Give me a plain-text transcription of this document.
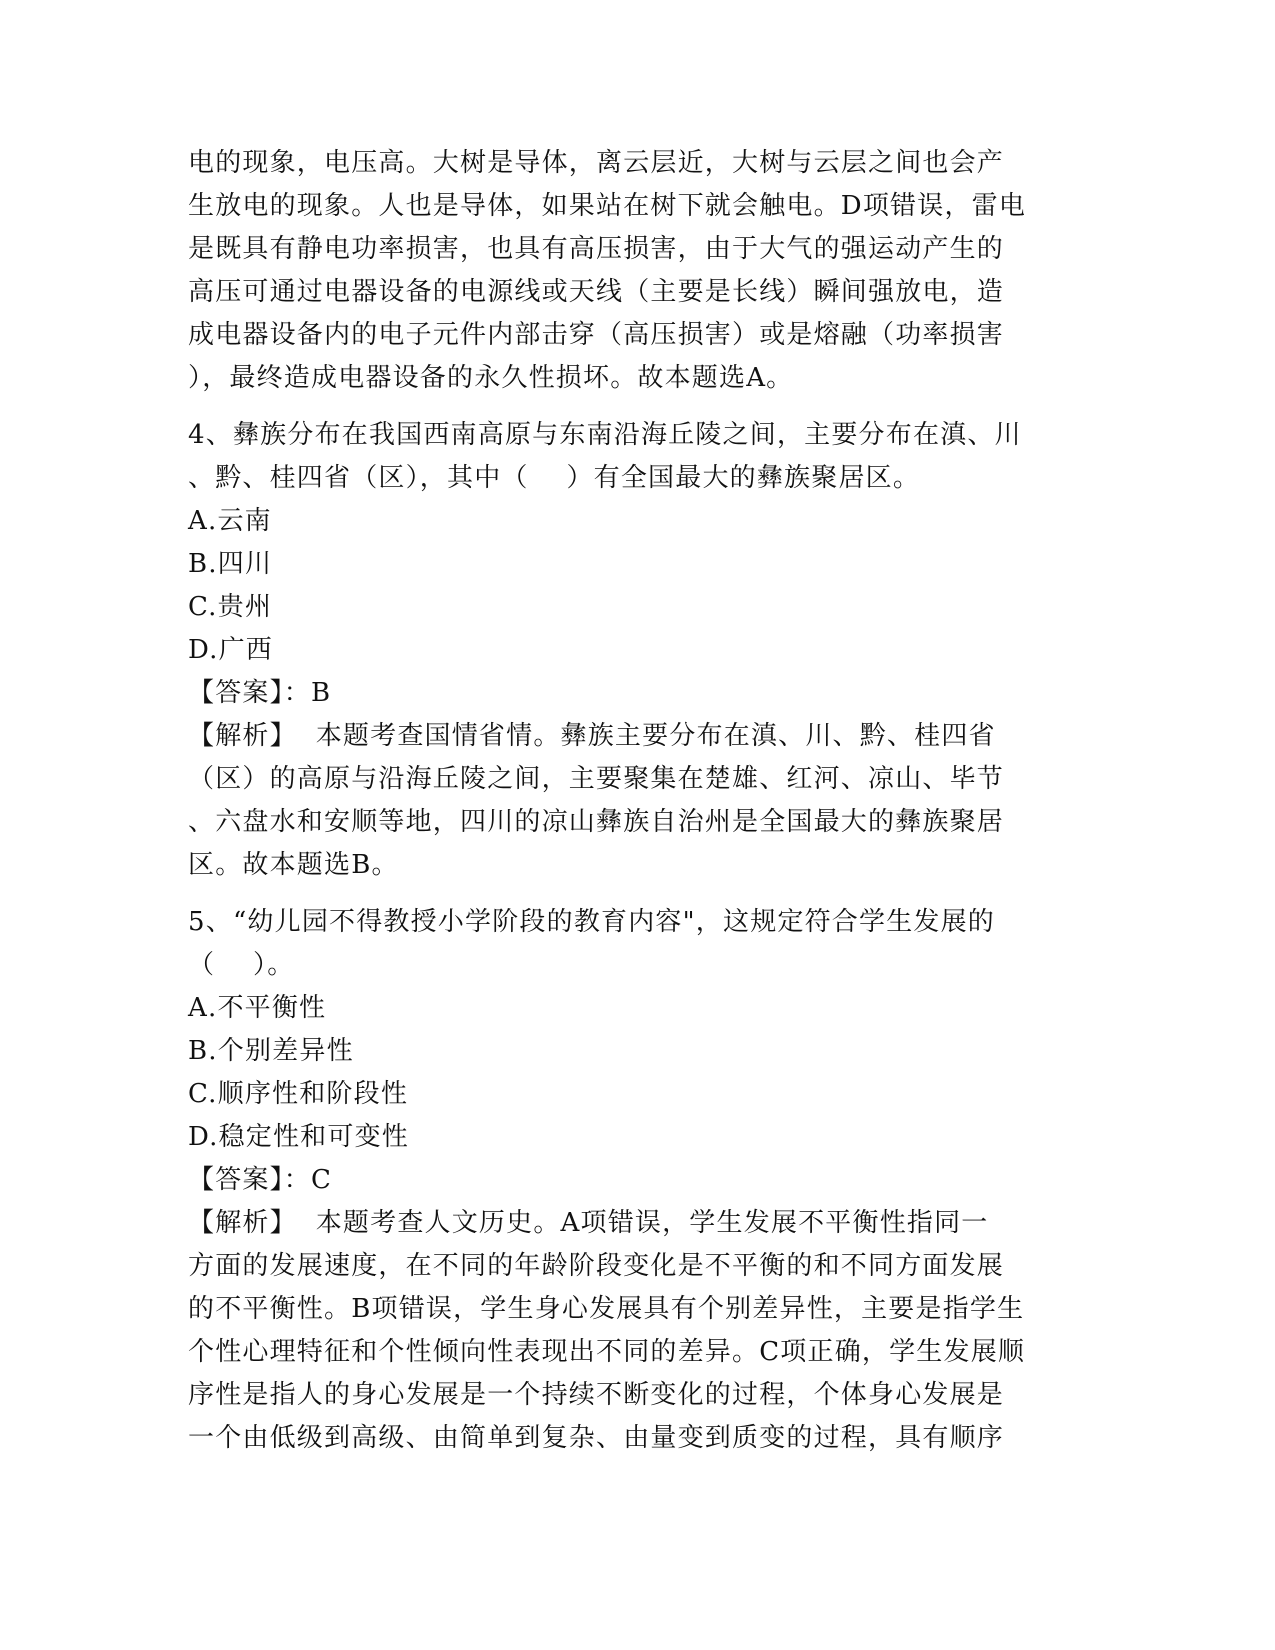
电的现象，电压高。大树是导体，离云层近，大树与云层之间也会产
生放电的现象。人也是导体，如果站在树下就会触电。D项错误，雷电
是既具有静电功率损害，也具有高压损害，由于大气的强运动产生的
高压可通过电器设备的电源线或天线（主要是长线）瞬间强放电，造
成电器设备内的电子元件内部击穿（高压损害）或是熔融（功率损害
），最终造成电器设备的永久性损坏。故本题选A。
4、彝族分布在我国西南高原与东南沿海丘陵之间，主要分布在滇、川
、黔、桂四省（区），其中（    ）有全国最大的彝族聚居区。
A.云南
B.四川
C.贵州
D.广西
【答案】：B
【解析】  本题考查国情省情。彝族主要分布在滇、川、黔、桂四省
（区）的高原与沿海丘陵之间，主要聚集在楚雄、红河、凉山、毕节
、六盘水和安顺等地，四川的凉山彝族自治州是全国最大的彝族聚居
区。故本题选B。
5、“幼儿园不得教授小学阶段的教育内容"，这规定符合学生发展的
（    ）。
A.不平衡性
B.个别差异性
C.顺序性和阶段性
D.稳定性和可变性
【答案】：C
【解析】  本题考查人文历史。A项错误，学生发展不平衡性指同一
方面的发展速度，在不同的年龄阶段变化是不平衡的和不同方面发展
的不平衡性。B项错误，学生身心发展具有个别差异性，主要是指学生
个性心理特征和个性倾向性表现出不同的差异。C项正确，学生发展顺
序性是指人的身心发展是一个持续不断变化的过程，个体身心发展是
一个由低级到高级、由简单到复杂、由量变到质变的过程，具有顺序
